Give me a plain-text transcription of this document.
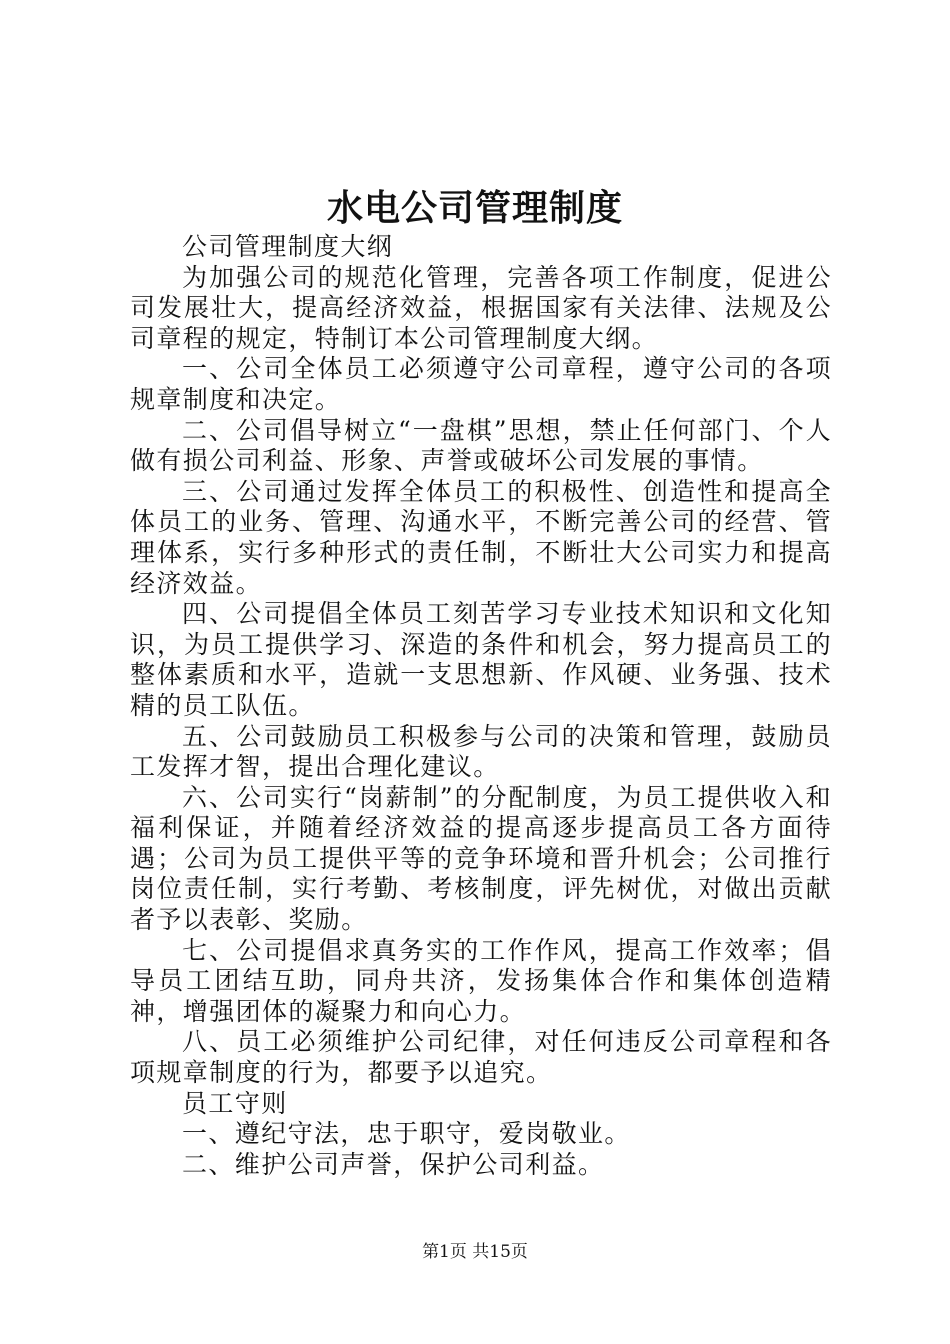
水电公司管理制度

公司管理制度大纲

为加强公司的规范化管理，完善各项工作制度，促进公司发展壮大，提高经济效益，根据国家有关法律、法规及公司章程的规定，特制订本公司管理制度大纲。

一、公司全体员工必须遵守公司章程，遵守公司的各项规章制度和决定。

二、公司倡导树立“一盘棋”思想，禁止任何部门、个人做有损公司利益、形象、声誉或破坏公司发展的事情。

三、公司通过发挥全体员工的积极性、创造性和提高全体员工的业务、管理、沟通水平，不断完善公司的经营、管理体系，实行多种形式的责任制，不断壮大公司实力和提高经济效益。

四、公司提倡全体员工刻苦学习专业技术知识和文化知识，为员工提供学习、深造的条件和机会，努力提高员工的整体素质和水平，造就一支思想新、作风硬、业务强、技术精的员工队伍。

五、公司鼓励员工积极参与公司的决策和管理，鼓励员工发挥才智，提出合理化建议。

六、公司实行“岗薪制”的分配制度，为员工提供收入和福利保证，并随着经济效益的提高逐步提高员工各方面待遇；公司为员工提供平等的竞争环境和晋升机会；公司推行岗位责任制，实行考勤、考核制度，评先树优，对做出贡献者予以表彰、奖励。

七、公司提倡求真务实的工作作风，提高工作效率；倡导员工团结互助，同舟共济，发扬集体合作和集体创造精神，增强团体的凝聚力和向心力。

八、员工必须维护公司纪律，对任何违反公司章程和各项规章制度的行为，都要予以追究。

员工守则

一、遵纪守法，忠于职守，爱岗敬业。

二、维护公司声誉，保护公司利益。

第1页 共15页
